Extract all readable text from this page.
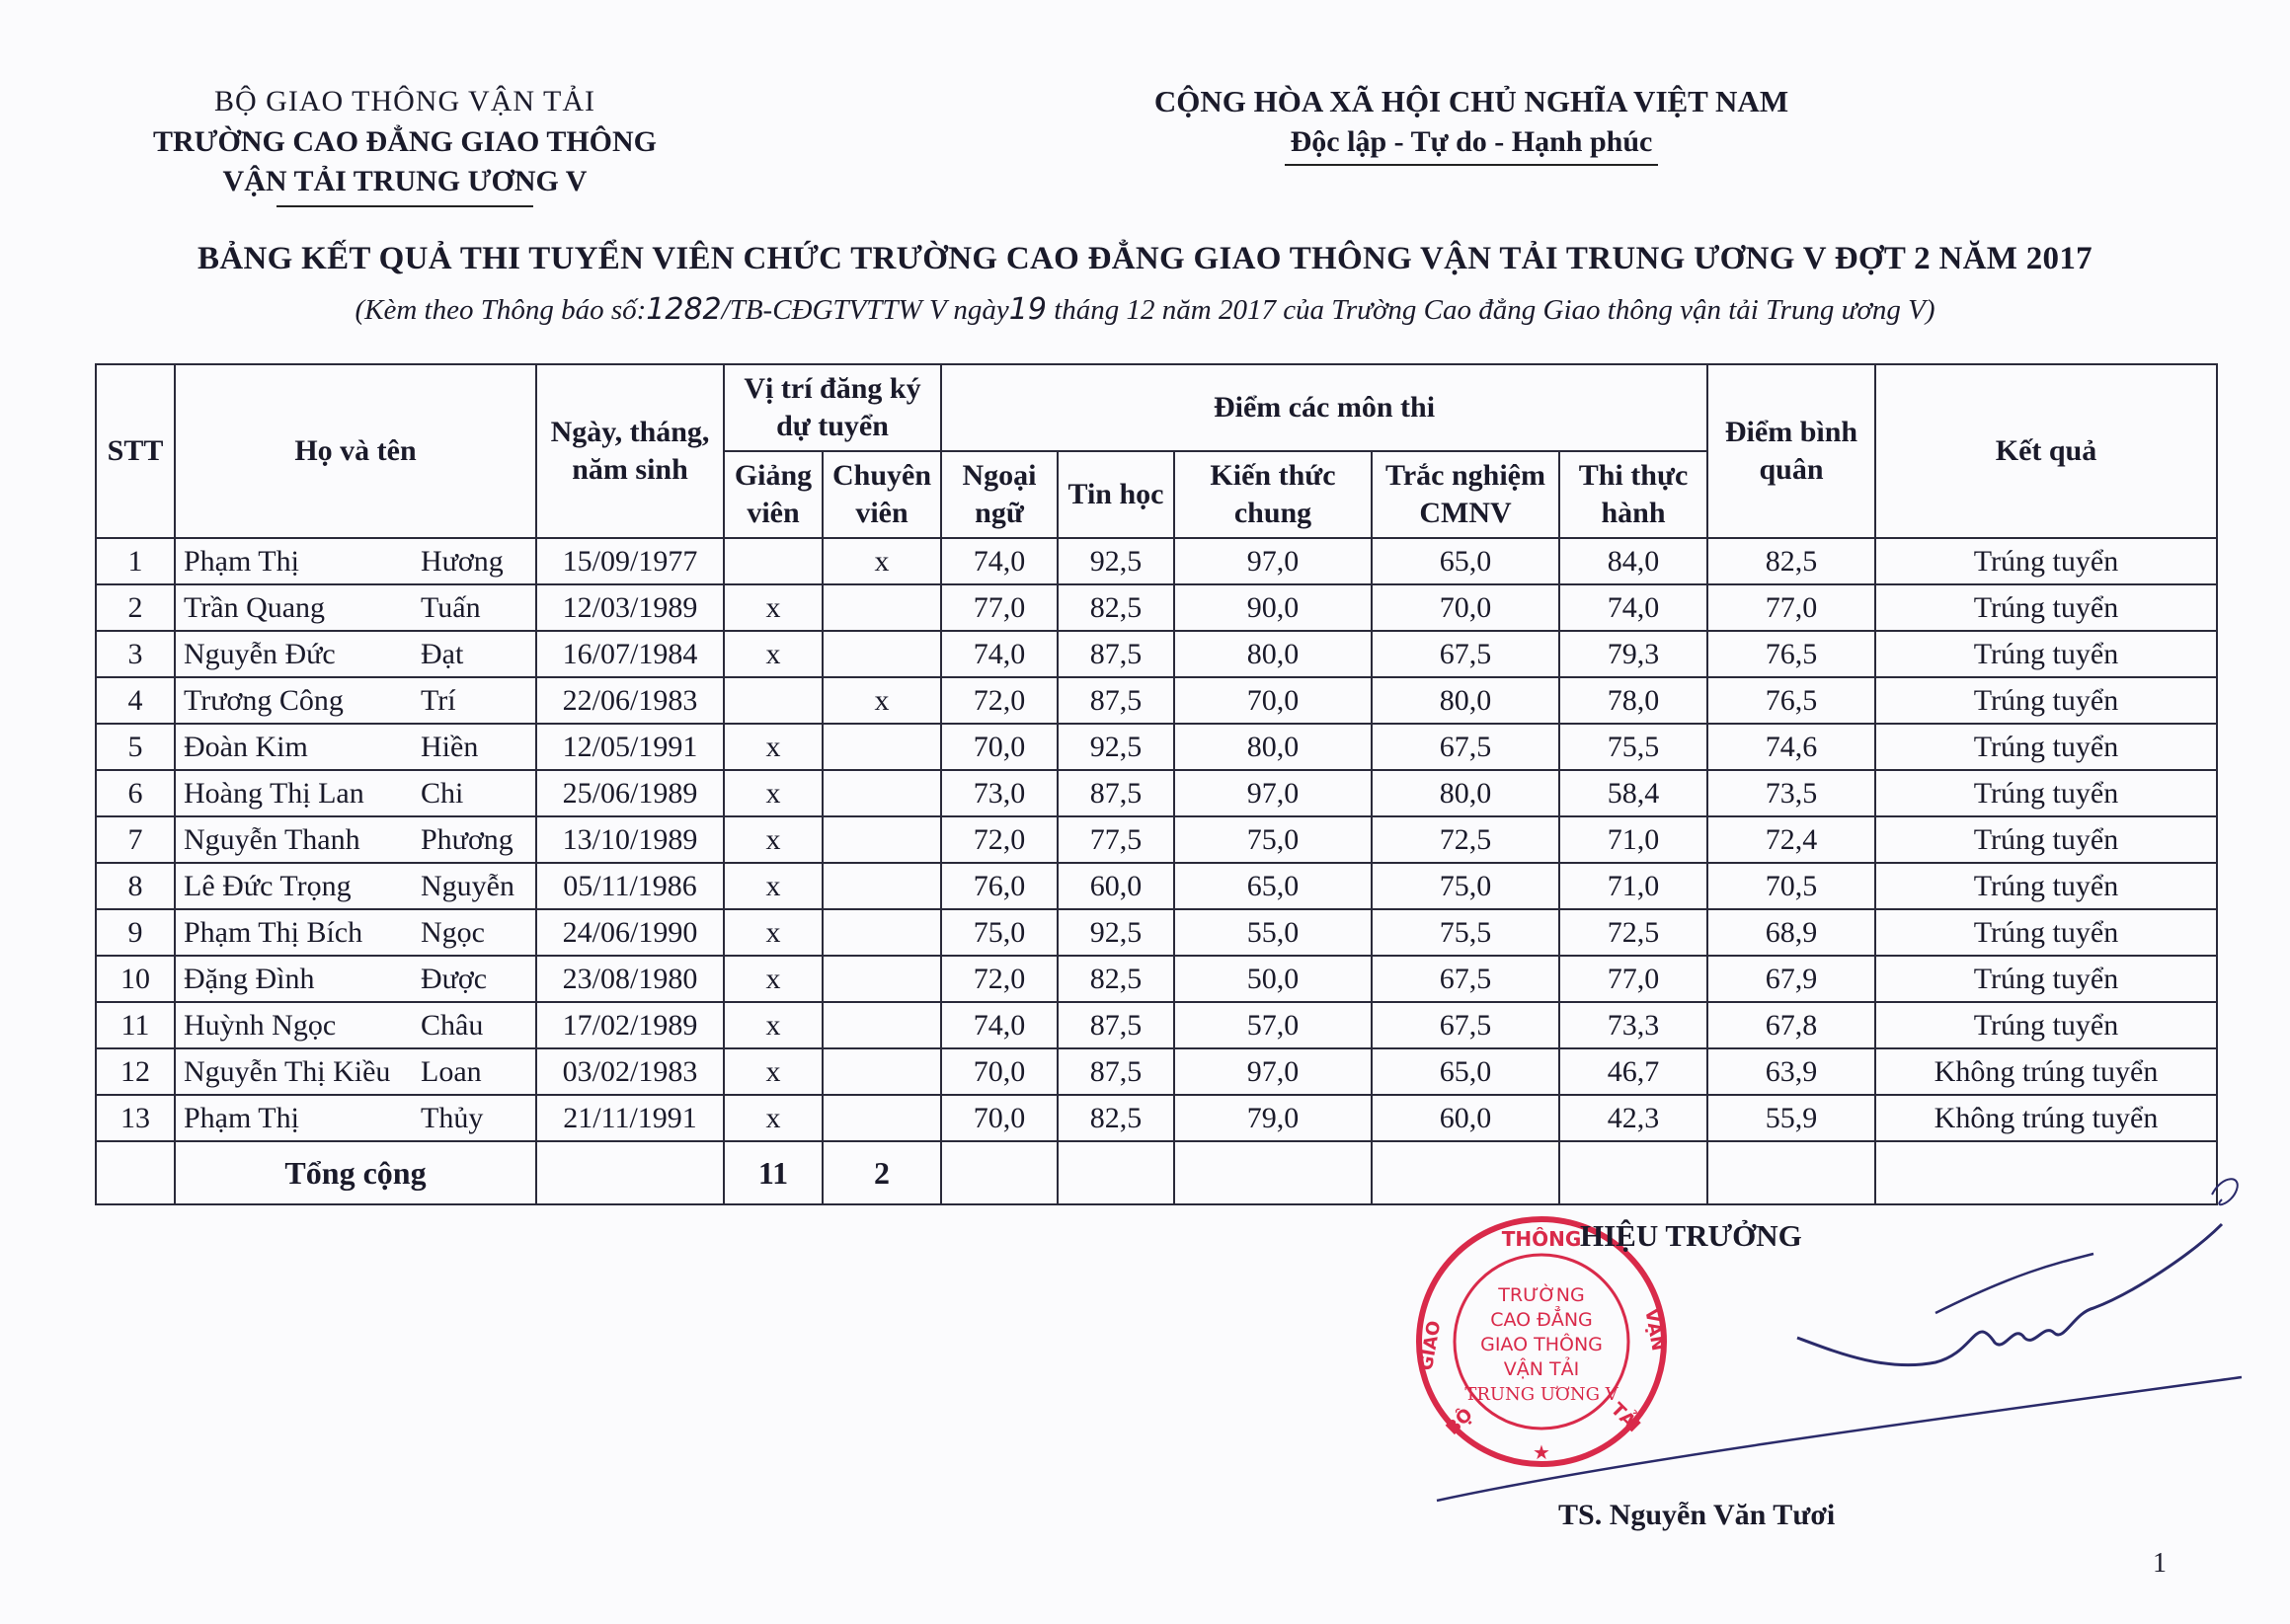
BỘ GIAO THÔNG VẬN TẢI
TRƯỜNG CAO ĐẲNG GIAO THÔNG
VẬN TẢI TRUNG ƯƠNG V
CỘNG HÒA XÃ HỘI CHỦ NGHĨA VIỆT NAM
Độc lập - Tự do - Hạnh phúc
BẢNG KẾT QUẢ THI TUYỂN VIÊN CHỨC TRƯỜNG CAO ĐẲNG GIAO THÔNG VẬN TẢI TRUNG ƯƠNG V ĐỢT 2 NĂM 2017
(Kèm theo Thông báo số:1282/TB-CĐGTVTTW V ngày19 tháng 12 năm 2017 của Trường Cao đẳng Giao thông vận tải Trung ương V)
STT	Họ và tên	Ngày, tháng, năm sinh	Vị trí đăng ký dự tuyển		Điểm các môn thi					Điểm bình quân	Kết quả
			Giảng viên	Chuyên viên	Ngoại ngữ	Tin học	Kiến thức chung	Trắc nghiệm CMNV	Thi thực hành		
1	Phạm Thị Hương	15/09/1977		x	74,0	92,5	97,0	65,0	84,0	82,5	Trúng tuyển
2	Trần Quang Tuấn	12/03/1989	x		77,0	82,5	90,0	70,0	74,0	77,0	Trúng tuyển
3	Nguyễn Đức Đạt	16/07/1984	x		74,0	87,5	80,0	67,5	79,3	76,5	Trúng tuyển
4	Trương Công Trí	22/06/1983		x	72,0	87,5	70,0	80,0	78,0	76,5	Trúng tuyển
5	Đoàn Kim Hiền	12/05/1991	x		70,0	92,5	80,0	67,5	75,5	74,6	Trúng tuyển
6	Hoàng Thị Lan Chi	25/06/1989	x		73,0	87,5	97,0	80,0	58,4	73,5	Trúng tuyển
7	Nguyễn Thanh Phương	13/10/1989	x		72,0	77,5	75,0	72,5	71,0	72,4	Trúng tuyển
8	Lê Đức Trọng Nguyễn	05/11/1986	x		76,0	60,0	65,0	75,0	71,0	70,5	Trúng tuyển
9	Phạm Thị Bích Ngọc	24/06/1990	x		75,0	92,5	55,0	75,5	72,5	68,9	Trúng tuyển
10	Đặng Đình Được	23/08/1980	x		72,0	82,5	50,0	67,5	77,0	67,9	Trúng tuyển
11	Huỳnh Ngọc Châu	17/02/1989	x		74,0	87,5	57,0	67,5	73,3	67,8	Trúng tuyển
12	Nguyễn Thị Kiều Loan	03/02/1983	x		70,0	87,5	97,0	65,0	46,7	63,9	Không trúng tuyển
13	Phạm Thị Thủy	21/11/1991	x		70,0	82,5	79,0	60,0	42,3	55,9	Không trúng tuyển
	Tổng cộng		11	2							
THÔNG
GIAO	VẬN
BỘ	TẢI
★
TRƯỜNG
CAO ĐẲNG
GIAO THÔNG
VẬN TẢI
TRUNG ƯƠNG V
HIỆU TRƯỞNG
TS. Nguyễn Văn Tươi
1
